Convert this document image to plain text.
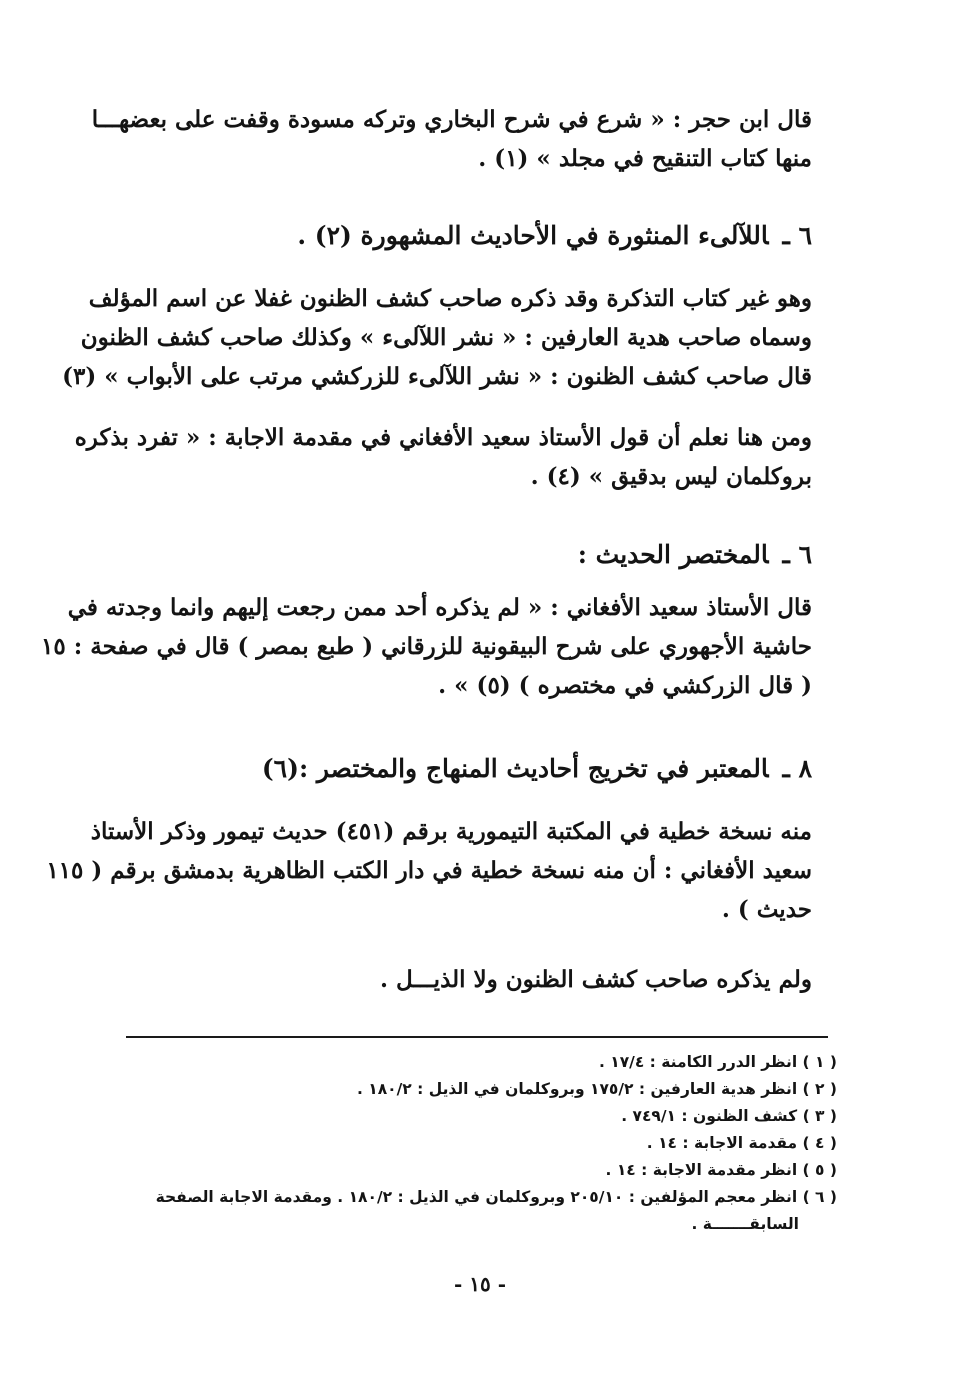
قال ابن حجر : « شرع في شرح البخاري وتركه مسودة وقفت على بعضهـــا
منها كتاب التنقيح في مجلد » (١) .
٦ ـاللآلىء المنثورة في الأحاديث المشهورة (٢) .
وهو غير كتاب التذكرة وقد ذكره صاحب كشف الظنون غفلا عن اسم المؤلف
وسماه صاحب هدية العارفين : « نشر اللآلىء » وكذلك صاحب كشف الظنون
قال صاحب كشف الظنون : « نشر اللآلىء للزركشي مرتب على الأبواب » (٣)
ومن هنا نعلم أن قول الأستاذ سعيد الأفغاني في مقدمة الاجابة : « تفرد بذكره
بروكلمان ليس بدقيق » (٤) .
٦ ـالمختصر الحديث :
قال الأستاذ سعيد الأفغاني : « لم يذكره أحد ممن رجعت إليهم وانما وجدته في
حاشية الأجهوري على شرح البيقونية للزرقاني ( طبع بمصر ) قال في صفحة : ١٥
( قال الزركشي في مختصره ) (٥) » .
٨ ـالمعتبر في تخريج أحاديث المنهاج والمختصر :(٦)
منه نسخة خطية في المكتبة التيمورية برقم (٤٥١) حديث تيمور وذكر الأستاذ
سعيد الأفغاني : أن منه نسخة خطية في دار الكتب الظاهرية بدمشق برقم ( ١١٥
حديث ) .
ولم يذكره صاحب كشف الظنون ولا الذيـــل .
( ١ ) انظر الدرر الكامنة : ١٧/٤ .
( ٢ ) انظر هدية العارفين : ١٧٥/٢ وبروكلمان في الذيل : ١٨٠/٢ .
( ٣ ) كشف الظنون : ٧٤٩/١ .
( ٤ ) مقدمة الاجابة : ١٤ .
( ٥ ) انظر مقدمة الاجابة : ١٤ .
( ٦ ) انظر معجم المؤلفين : ٢٠٥/١٠ وبروكلمان في الذيل : ١٨٠/٢ . ومقدمة الاجابة الصفحة
السابقـــــــة .
- ١٥ -
